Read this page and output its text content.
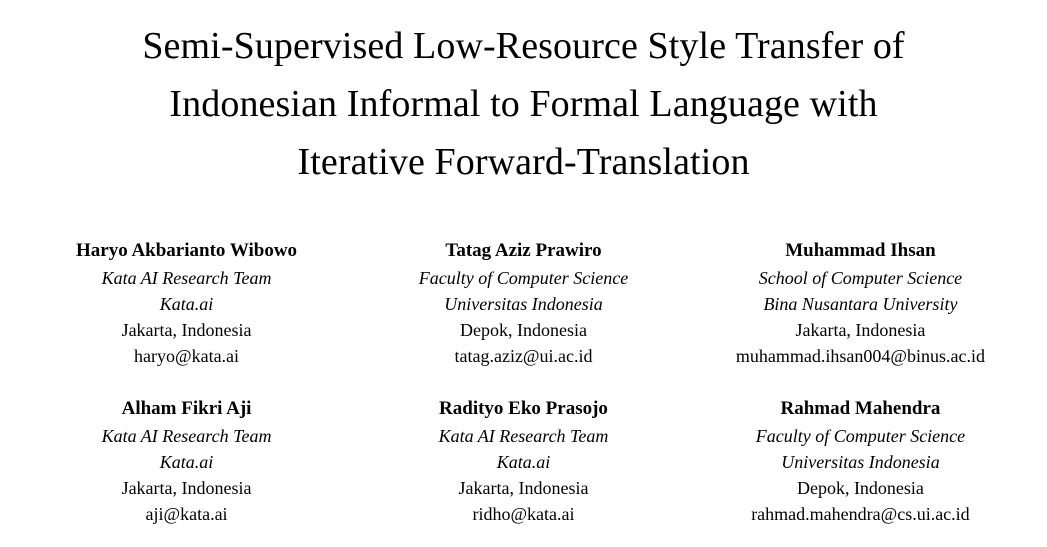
Semi-Supervised Low-Resource Style Transfer of
Indonesian Informal to Formal Language with
Iterative Forward-Translation
Haryo Akbarianto Wibowo
Kata AI Research Team
Kata.ai
Jakarta, Indonesia
haryo@kata.ai
Tatag Aziz Prawiro
Faculty of Computer Science
Universitas Indonesia
Depok, Indonesia
tatag.aziz@ui.ac.id
Muhammad Ihsan
School of Computer Science
Bina Nusantara University
Jakarta, Indonesia
muhammad.ihsan004@binus.ac.id
Alham Fikri Aji
Kata AI Research Team
Kata.ai
Jakarta, Indonesia
aji@kata.ai
Radityo Eko Prasojo
Kata AI Research Team
Kata.ai
Jakarta, Indonesia
ridho@kata.ai
Rahmad Mahendra
Faculty of Computer Science
Universitas Indonesia
Depok, Indonesia
rahmad.mahendra@cs.ui.ac.id
